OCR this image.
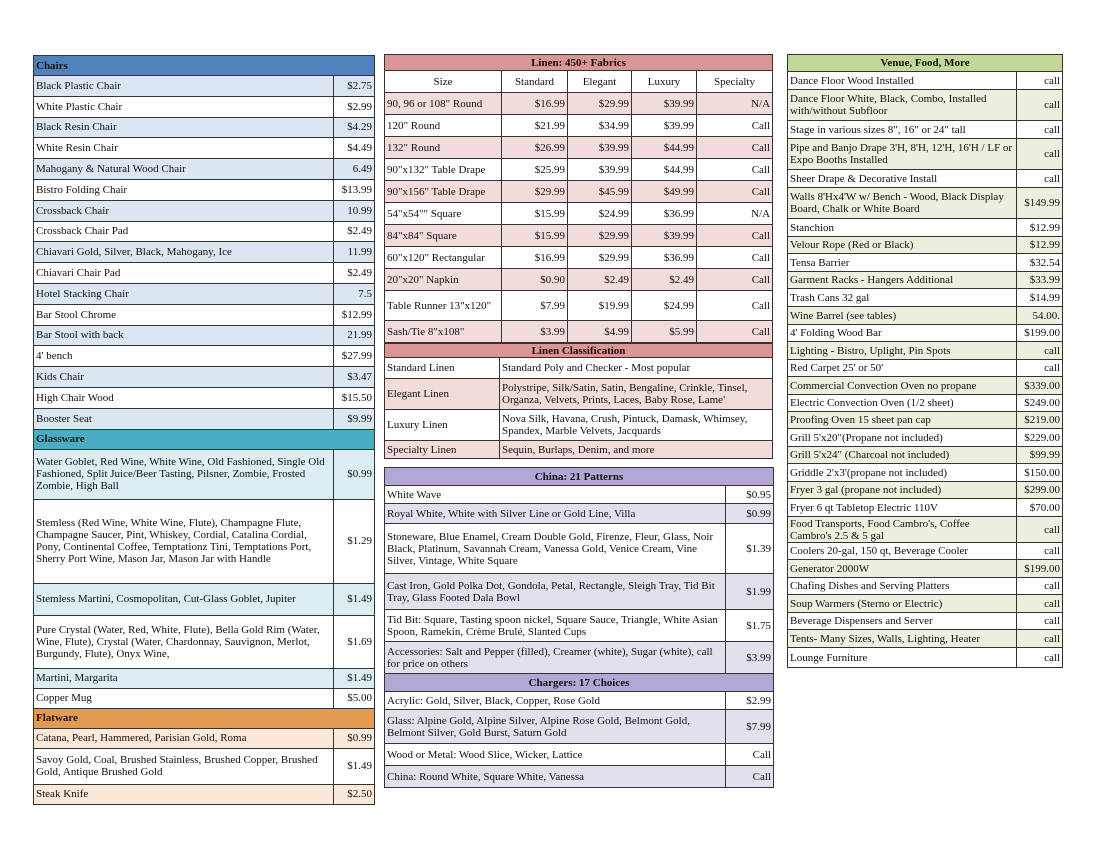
Chairs	
Black Plastic Chair	$2.75
White Plastic Chair	$2.99
Black Resin Chair	$4.29
White Resin Chair	$4.49
Mahogany & Natural Wood Chair	6.49
Bistro Folding Chair	$13.99
Crossback Chair	10.99
Crossback Chair Pad	$2.49
Chiavari Gold, Silver, Black, Mahogany, Ice	11.99
Chiavari Chair Pad	$2.49
Hotel Stacking Chair	7.5
Bar Stool Chrome	$12.99
Bar Stool with back	21.99
4' bench	$27.99
Kids Chair	$3.47
High Chair Wood	$15.50
Booster Seat	$9.99
Glassware	
Water Goblet, Red Wine, White Wine, Old Fashioned, Single Old Fashioned, Split Juice/Beer Tasting, Pilsner, Zombie, Frosted Zombie, High Ball	$0.99
Stemless (Red Wine, White Wine, Flute), Champagne Flute, Champagne Saucer, Pint, Whiskey, Cordial, Catalina Cordial, Pony, Continental Coffee, Temptationz Tini, Temptations Port, Sherry Port Wine, Mason Jar, Mason Jar with Handle	$1.29
Stemless Martini, Cosmopolitan, Cut-Glass Goblet, Jupiter	$1.49
Pure Crystal (Water, Red, White, Flute), Bella Gold Rim (Water, Wine, Flute), Crystal (Water, Chardonnay, Sauvignon, Merlot, Burgundy, Flute), Onyx Wine,	$1.69
Martini, Margarita	$1.49
Copper Mug	$5.00
Flatware	
Catana, Pearl, Hammered, Parisian Gold, Roma	$0.99
Savoy Gold, Coal, Brushed Stainless, Brushed Copper, Brushed Gold, Antique Brushed Gold	$1.49
Steak Knife	$2.50
Linen: 450+ Fabrics				
Size	Standard	Elegant	Luxury	Specialty
90, 96 or 108" Round	$16.99	$29.99	$39.99	N/A
120" Round	$21.99	$34.99	$39.99	Call
132" Round	$26.99	$39.99	$44.99	Call
90"x132" Table Drape	$25.99	$39.99	$44.99	Call
90"x156" Table Drape	$29.99	$45.99	$49.99	Call
54"x54"" Square	$15.99	$24.99	$36.99	N/A
84"x84" Square	$15.99	$29.99	$39.99	Call
60"x120" Rectangular	$16.99	$29.99	$36.99	Call
20"x20" Napkin	$0.90	$2.49	$2.49	Call
Table Runner 13"x120"	$7.99	$19.99	$24.99	Call
Sash/Tie 8"x108"	$3.99	$4.99	$5.99	Call
Linen Classification	
Standard Linen	Standard Poly and Checker - Most popular
Elegant Linen	Polystripe, Silk/Satin, Satin, Bengaline, Crinkle, Tinsel, Organza, Velvets, Prints, Laces, Baby Rose, Lame'
Luxury Linen	Nova Silk, Havana, Crush, Pintuck, Damask, Whimsey, Spandex, Marble Velvets, Jacquards
Specialty Linen	Sequin, Burlaps, Denim, and more
China: 21 Patterns	
White Wave	$0.95
Royal White, White with Silver Line or Gold Line, Villa	$0.99
Stoneware, Blue Enamel, Cream Double Gold, Firenze, Fleur, Glass, Noir Black, Platinum, Savannah Cream, Vanessa Gold, Venice Cream, Vine Silver, Vintage, White Square	$1.39
Cast Iron, Gold Polka Dot, Gondola, Petal, Rectangle, Sleigh Tray, Tid Bit Tray, Glass Footed Dala Bowl	$1.99
Tid Bit: Square, Tasting spoon nickel, Square Sauce, Triangle, White Asian Spoon, Ramekin, Crème Brulé, Slanted Cups	$1.75
Accessories: Salt and Pepper (filled), Creamer (white), Sugar (white), call for price on others	$3.99
Chargers: 17 Choices	
Acrylic: Gold, Silver, Black, Copper, Rose Gold	$2.99
Glass: Alpine Gold, Alpine Silver, Alpine Rose Gold, Belmont Gold, Belmont Silver, Gold Burst, Saturn Gold	$7.99
Wood or Metal: Wood Slice, Wicker, Lattice	Call
China: Round White, Square White, Vanessa	Call
Venue, Food, More	
Dance Floor Wood Installed	call
Dance Floor White, Black, Combo, Installed with/without Subfloor	call
Stage in various sizes 8", 16" or 24" tall	call
Pipe and Banjo Drape 3'H, 8'H, 12'H, 16'H / LF or Expo Booths Installed	call
Sheer Drape & Decorative Install	call
Walls 8'Hx4'W w/ Bench - Wood, Black Display Board, Chalk or White Board	$149.99
Stanchion	$12.99
Velour Rope (Red or Black)	$12.99
Tensa Barrier	$32.54
Garment Racks - Hangers Additional	$33.99
Trash Cans 32 gal	$14.99
Wine Barrel (see tables)	54.00.
4' Folding Wood Bar	$199.00
Lighting - Bistro, Uplight, Pin Spots	call
Red Carpet 25' or 50'	call
Commercial Convection Oven no propane	$339.00
Electric Convection Oven (1/2 sheet)	$249.00
Proofing Oven 15 sheet pan cap	$219.00
Grill 5'x20"(Propane not included)	$229.00
Grill 5'x24" (Charcoal not included)	$99.99
Griddle 2'x3'(propane not included)	$150.00
Fryer 3 gal (propane not included)	$299.00
Fryer 6 qt Tabletop Electric 110V	$70.00
Food Transports, Food Cambro's, Coffee Cambro's 2.5 & 5 gal	call
Coolers 20-gal, 150 qt, Beverage Cooler	call
Generator 2000W	$199.00
Chafing Dishes and Serving Platters	call
Soup Warmers (Sterno or Electric)	call
Beverage Dispensers and Server	call
Tents- Many Sizes, Walls, Lighting, Heater	call
Lounge Furniture	call
